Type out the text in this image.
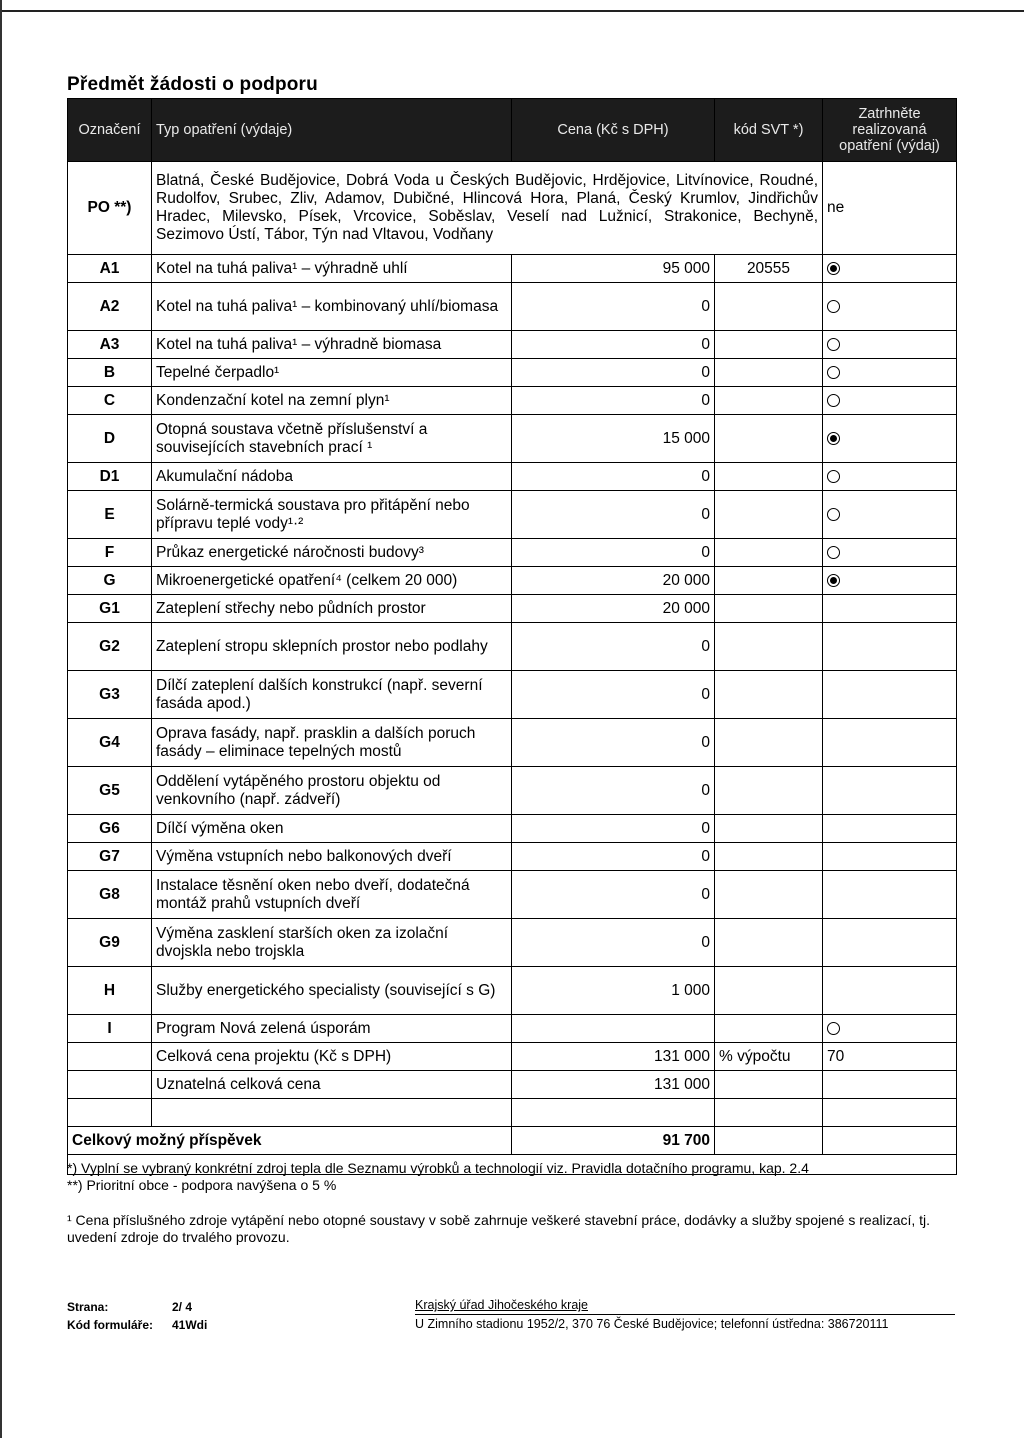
Předmět žádosti o podporu
Označení	Typ opatření (výdaje)	Cena (Kč s DPH)	kód SVT *)	Zatrhněte realizovaná opatření (výdaj)
PO **)	Blatná, České Budějovice, Dobrá Voda u Českých Budějovic, Hrdějovice, Litvínovice, Roudné, Rudolfov, Srubec, Zliv, Adamov, Dubičné, Hlincová Hora, Planá, Český Krumlov, Jindřichův Hradec, Milevsko, Písek, Vrcovice, Soběslav, Veselí nad Lužnicí, Strakonice, Bechyně, Sezimovo Ústí, Tábor, Týn nad Vltavou, Vodňany			ne
A1	Kotel na tuhá paliva¹ – výhradně uhlí	95 000	20555	
A2	Kotel na tuhá paliva¹ – kombinovaný uhlí/biomasa	0		
A3	Kotel na tuhá paliva¹ – výhradně biomasa	0		
B	Tepelné čerpadlo¹	0		
C	Kondenzační kotel na zemní plyn¹	0		
D	Otopná soustava včetně příslušenství a souvisejících stavebních prací ¹	15 000		
D1	Akumulační nádoba	0		
E	Solárně-termická soustava pro přitápění nebo přípravu teplé vody¹·²	0		
F	Průkaz energetické náročnosti budovy³	0		
G	Mikroenergetické opatření⁴ (celkem 20 000)	20 000		
G1	Zateplení střechy nebo půdních prostor	20 000		
G2	Zateplení stropu sklepních prostor nebo podlahy	0		
G3	Dílčí zateplení dalších konstrukcí (např. severní fasáda apod.)	0		
G4	Oprava fasády, např. prasklin a dalších poruch fasády – eliminace tepelných mostů	0		
G5	Oddělení vytápěného prostoru objektu od venkovního (např. zádveří)	0		
G6	Dílčí výměna oken	0		
G7	Výměna vstupních nebo balkonových dveří	0		
G8	Instalace těsnění oken nebo dveří, dodatečná montáž prahů vstupních dveří	0		
G9	Výměna zasklení starších oken za izolační dvojskla nebo trojskla	0		
H	Služby energetického specialisty (související s G)	1 000		
I	Program Nová zelená úsporám			
	Celková cena projektu (Kč s DPH)	131 000	% výpočtu	70
	Uznatelná celková cena	131 000		

Celkový možný příspěvek		91 700		

*) Vyplní se vybraný konkrétní zdroj tepla dle Seznamu výrobků a technologií viz. Pravidla dotačního programu, kap. 2.4

**) Prioritní obce - podpora navýšena o 5 %

¹ Cena příslušného zdroje vytápění nebo otopné soustavy v sobě zahrnuje veškeré stavební práce, dodávky a služby spojené s realizací, tj. uvedení zdroje do trvalého provozu.

Strana:	2/ 4
Kód formuláře: 41Wdi
Krajský úřad Jihočeského kraje
U Zimního stadionu 1952/2, 370 76 České Budějovice; telefonní ústředna: 386720111
